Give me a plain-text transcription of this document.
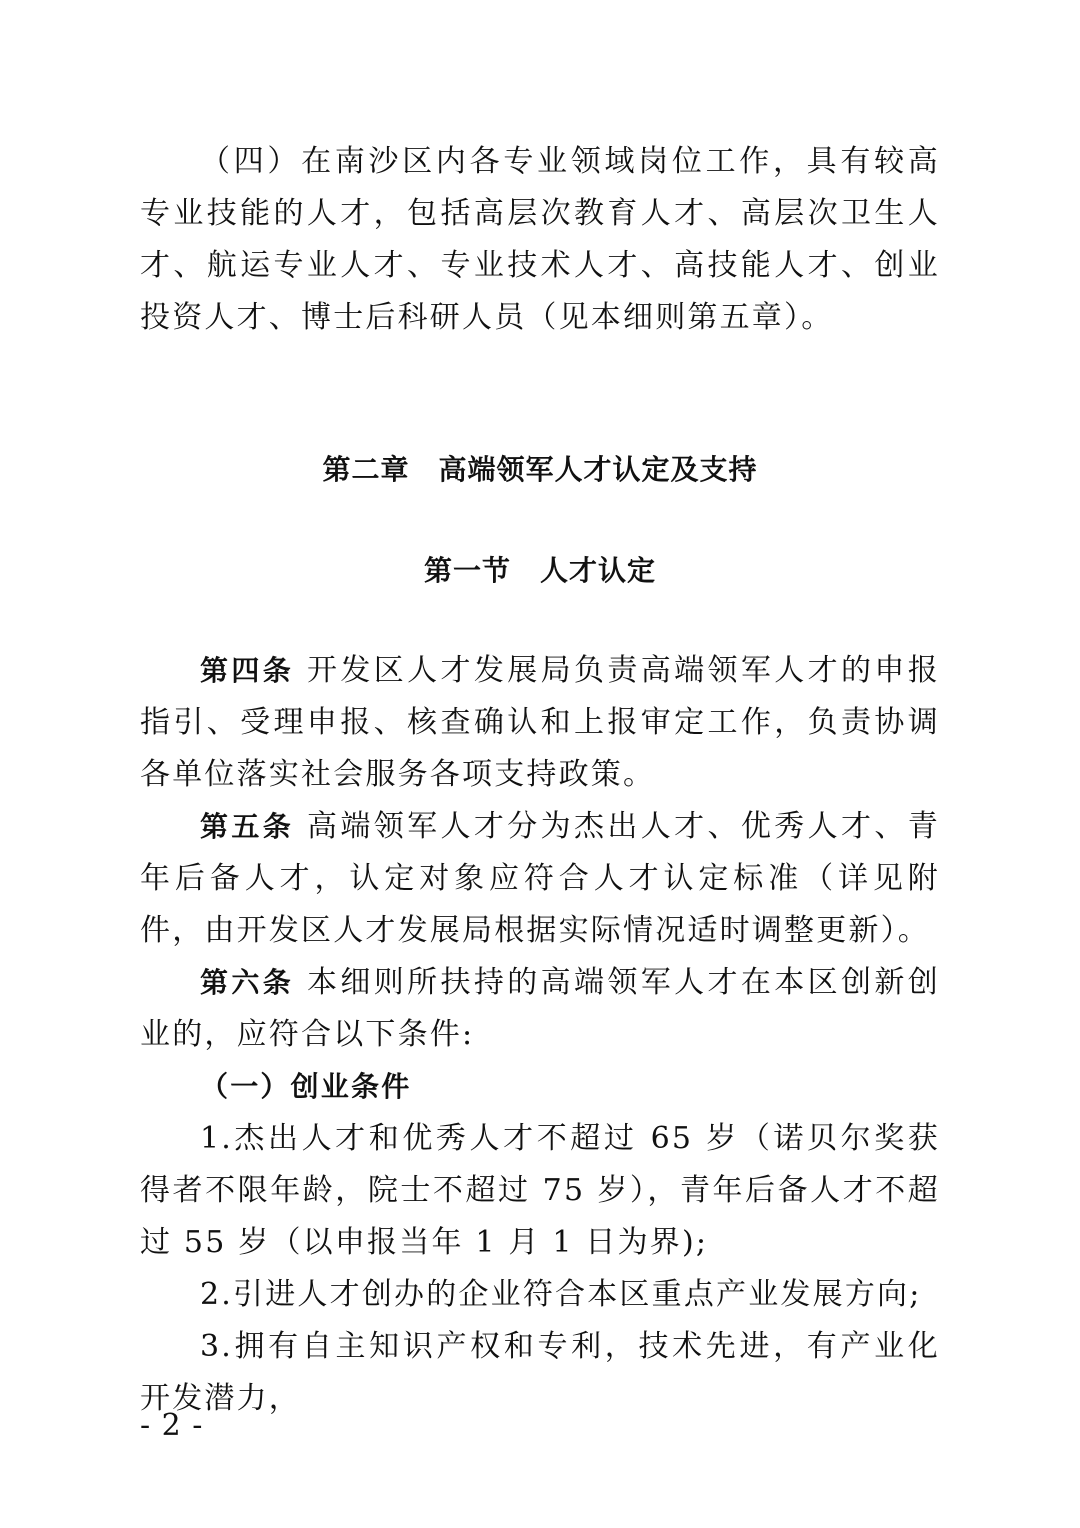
（四）在南沙区内各专业领域岗位工作，具有较高专业技能的人才，包括高层次教育人才、高层次卫生人才、航运专业人才、专业技术人才、高技能人才、创业投资人才、博士后科研人员（见本细则第五章）。

第二章　高端领军人才认定及支持
第一节　人才认定

第四条 开发区人才发展局负责高端领军人才的申报指引、受理申报、核查确认和上报审定工作，负责协调各单位落实社会服务各项支持政策。

第五条 高端领军人才分为杰出人才、优秀人才、青年后备人才，认定对象应符合人才认定标准（详见附件，由开发区人才发展局根据实际情况适时调整更新）。

第六条 本细则所扶持的高端领军人才在本区创新创业的，应符合以下条件:

（一）创业条件

1.杰出人才和优秀人才不超过 65 岁（诺贝尔奖获得者不限年龄，院士不超过 75 岁），青年后备人才不超过 55 岁（以申报当年 1 月 1 日为界);

2.引进人才创办的企业符合本区重点产业发展方向;

3.拥有自主知识产权和专利，技术先进，有产业化开发潜力，

- 2 -
